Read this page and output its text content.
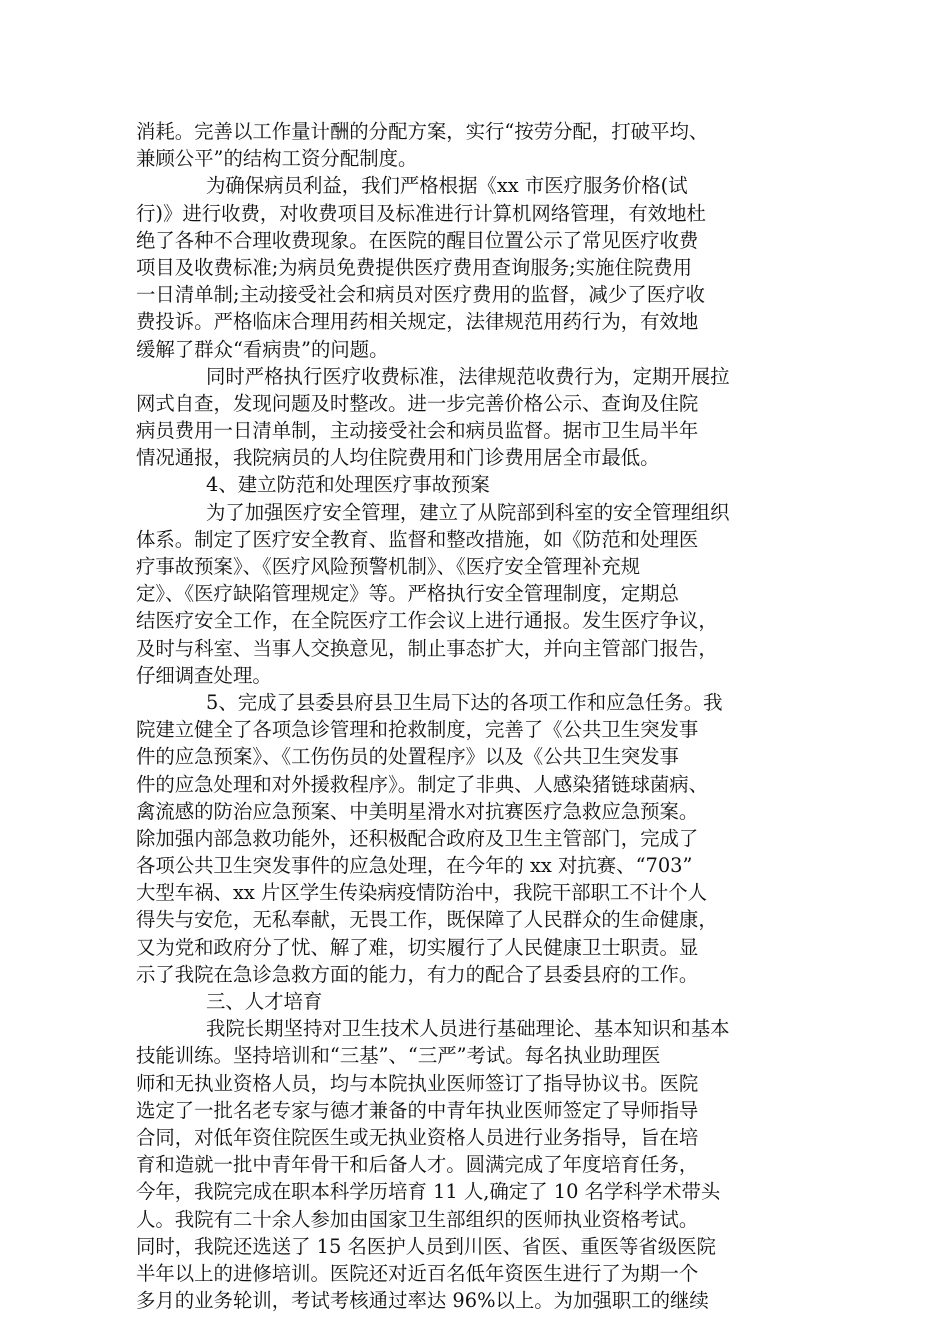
消耗。完善以工作量计酬的分配方案，实行“按劳分配，打破平均、
兼顾公平”的结构工资分配制度。
为确保病员利益，我们严格根据《xx 市医疗服务价格(试
行)》进行收费，对收费项目及标准进行计算机网络管理，有效地杜
绝了各种不合理收费现象。在医院的醒目位置公示了常见医疗收费
项目及收费标准;为病员免费提供医疗费用查询服务;实施住院费用
一日清单制;主动接受社会和病员对医疗费用的监督，减少了医疗收
费投诉。严格临床合理用药相关规定，法律规范用药行为，有效地
缓解了群众“看病贵”的问题。
同时严格执行医疗收费标准，法律规范收费行为，定期开展拉
网式自查，发现问题及时整改。进一步完善价格公示、查询及住院
病员费用一日清单制，主动接受社会和病员监督。据市卫生局半年
情况通报，我院病员的人均住院费用和门诊费用居全市最低。
4、建立防范和处理医疗事故预案
为了加强医疗安全管理，建立了从院部到科室的安全管理组织
体系。制定了医疗安全教育、监督和整改措施，如《防范和处理医
疗事故预案》、《医疗风险预警机制》、《医疗安全管理补充规
定》、《医疗缺陷管理规定》等。严格执行安全管理制度，定期总
结医疗安全工作，在全院医疗工作会议上进行通报。发生医疗争议，
及时与科室、当事人交换意见，制止事态扩大，并向主管部门报告，
仔细调查处理。
5、完成了县委县府县卫生局下达的各项工作和应急任务。我
院建立健全了各项急诊管理和抢救制度，完善了《公共卫生突发事
件的应急预案》、《工伤伤员的处置程序》以及《公共卫生突发事
件的应急处理和对外援救程序》。制定了非典、人感染猪链球菌病、
禽流感的防治应急预案、中美明星滑水对抗赛医疗急救应急预案。
除加强内部急救功能外，还积极配合政府及卫生主管部门，完成了
各项公共卫生突发事件的应急处理，在今年的 xx 对抗赛、“703”
大型车祸、xx 片区学生传染病疫情防治中，我院干部职工不计个人
得失与安危，无私奉献，无畏工作，既保障了人民群众的生命健康，
又为党和政府分了忧、解了难，切实履行了人民健康卫士职责。显
示了我院在急诊急救方面的能力，有力的配合了县委县府的工作。
三、人才培育
我院长期坚持对卫生技术人员进行基础理论、基本知识和基本
技能训练。坚持培训和“三基”、“三严”考试。每名执业助理医
师和无执业资格人员，均与本院执业医师签订了指导协议书。医院
选定了一批名老专家与德才兼备的中青年执业医师签定了导师指导
合同，对低年资住院医生或无执业资格人员进行业务指导，旨在培
育和造就一批中青年骨干和后备人才。圆满完成了年度培育任务，
今年，我院完成在职本科学历培育 11 人,确定了 10 名学科学术带头
人。我院有二十余人参加由国家卫生部组织的医师执业资格考试。
同时，我院还选送了 15 名医护人员到川医、省医、重医等省级医院
半年以上的进修培训。医院还对近百名低年资医生进行了为期一个
多月的业务轮训，考试考核通过率达 96%以上。为加强职工的继续
